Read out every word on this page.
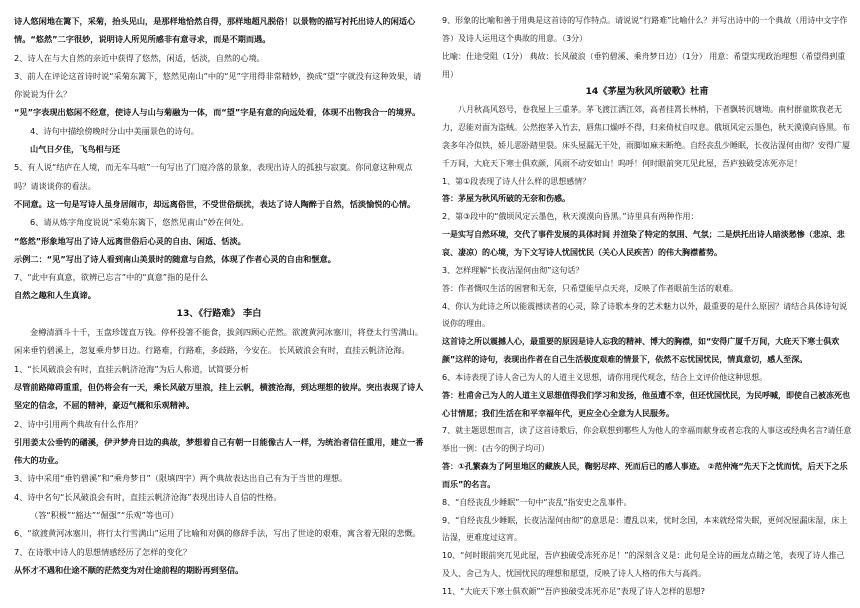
诗人悠闲地在篱下，采菊，抬头见山，是那样地恰然自得，那样地超凡脱俗！以景物的描写衬托出诗人的闲适心情。“悠然”二字很妙，说明诗人所见所感非有意寻求，而是不期而遇。

2、诗人在与大自然的亲近中获得了悠然，闲适，恬淡，自然的心境。

3、前人在评论这首诗时说“采菊东篱下，悠然见南山”中的“见”字用得非常精妙，换成“望”字就没有这种效果，请你说说为什么？

“见”字表现出悠闲不经意，使诗人与山与菊融为一体，而“望”字是有意的向远处看，体现不出物我合一的境界。

4、诗句中描绘傍晚时分山中美丽景色的诗句。

山气日夕佳，飞鸟相与还

5、有人说“结庐在人境，而无车马喧”一句写出了门庭冷落的景象，表现出诗人的孤独与寂寞。你同意这种观点吗？请谈谈你的看法。

不同意。这一句是写诗人虽身居闹市，却远离俗世，不受世俗烦扰，表达了诗人陶醉于自然，恬淡愉悦的心情。

6、请从炼字角度说说“采菊东篱下，悠然见南山”妙在何处。

“悠然”形象地写出了诗人远离世俗后心灵的自由、闲适、恬淡。

示例二：“见”写出了诗人看到南山美景时的随意与自然，体现了作者心灵的自由和惬意。

7、“此中有真意，欲辨已忘言”中的“真意”指的是什么

自然之趣和人生真谛。

13、《行路难》 李白

金樽清酒斗十千，玉盘珍馐直万钱。停杯投箸不能食，拔剑四顾心茫然。欲渡黄河冰塞川，将登太行雪满山。闲来垂钓碧溪上，忽复乘舟梦日边。行路难，行路难，多歧路，今安在。 长风破浪会有时，直挂云帆济沧海。

1、“长风破浪会有时，直挂云帆济沧海”为后人称道，试简要分析

尽管前路障碍重重，但仍将会有一天，乘长风破万里浪，挂上云帆，横渡沧海，到达理想的彼岸。突出表现了诗人坚定的信念，不屈的精神，豪迈气概和乐观精神。

2、诗中引用两个典故有什么作用？

引用姜太公垂钓的磻溪，伊尹梦舟日边的典故，梦想着自己有朝一日能像古人一样，为统治者信任重用，建立一番伟大的功业。

3、诗中采用“垂钓碧溪”和“乘舟梦日”（限填四字）两个典故表达出自己有为于当世的理想。

4、诗中名句“长风破浪会有时，直挂云帆济沧海”表现出诗人自信的性格。

（答“积极”“豁达”“倔强”“乐观”等也可）

6、“欲渡黄河冰塞川，将行太行雪满山”运用了比喻和对偶的修辞手法，写出了世途的艰难，寓含着无限的悲慨。

7、在诗歌中诗人的思想情感经历了怎样的变化？

从怀才不遇和仕途不顺的茫然变为对仕途前程的期盼再到坚信。

9、形象的比喻和善于用典是这首诗的写作特点。请说说“行路难”比喻什么？并写出诗中的一个典故（用诗中文字作答）及诗人运用这个典故的用意。（3分）

比喻：仕途受阻（1分） 典故：长风破浪（垂钓碧溪、乘舟梦日边）（1分） 用意：希望实现政治理想（希望得到重用）

14《茅屋为秋风所破歌》杜甫

八月秋高风怒号，卷我屋上三重茅。茅飞渡江洒江郊，高者挂罥长林梢，下者飘转沉塘坳。南村群童欺我老无力，忍能对面为盗贼。公然抱茅入竹去，唇焦口燥呼不得，归来倚杖自叹息。俄顷风定云墨色，秋天漠漠向昏黑。布衾多年冷似铁，娇儿恶卧踏里裂。床头屋漏无干处，雨脚如麻未断绝。自经丧乱少睡眠，长夜沾湿何由彻？安得广厦千万间，大庇天下寒士俱欢颜，风雨不动安如山！呜呼！何时眼前突兀见此屋，吾庐独破受冻死亦足！

1、第①段表现了诗人什么样的思想感情？

答：茅屋为秋风所破的无奈和伤感。

2、第③段中的“俄顷风定云墨色，秋天漠漠向昏黑。”诗里具有两种作用：

一是实写自然环境，交代了事件发展的具体时间 并渲染了特定的氛围、气氛；二是烘托出诗人暗淡愁惨（悲凉、悲哀、凄凉）的心境，为下文写诗人忧国忧民（关心人民疾苦）的伟大胸襟蓄势。

3、怎样理解“长夜沾湿何由彻”这句话？

答：作者慨叹生活的困窘和无奈，只希望能早点天亮，反映了作者眼前生活的艰难。

4、你认为此诗之所以能震撼读者的心灵，除了诗歌本身的艺术魅力以外，最重要的是什么原因？请结合具体诗句说说你的理由。

这首诗之所以震撼人心，最重要的原因是诗人忘我的精神、博大的胸襟，如“安得广厦千万间，大庇天下寒士俱欢颜”这样的诗句，表现出作者在自己生活极度艰难的情景下，依然不忘忧国忧民，情真意切，感人至深。

6、本诗表现了诗人舍己为人的人道主义思想，请你用现代观念，结合上文评价他这种思想。

答：杜甫舍己为人的人道主义思想值得我们学习和发扬，他虽遭不幸，但还忧国忧民，为民呼喊，即使自己被冻死也心甘情愿；我们生活在和平幸福年代，更应全心全意为人民服务。

7、就主题思想而言，读了这首诗歌后，你会联想到哪些人为他人的幸福而献身或者忘我的人事这或经典名言?请任意举出一例：(古今的例子均可）

答：①孔繁森为了阿里地区的藏族人民，鞠躬尽瘁、死而后已的感人事迹。 ②范仲淹“先天下之忧而忧，后天下之乐而乐”的名言。

8、“自经丧乱少睡眠”一句中“丧乱”指安史之乱事件。

9、“自经丧乱少睡眠，长夜沾湿何由彻”的意思是：遭乱以来，忧时念国，本来就经常失眠，更何况屋漏床湿，床上沾湿，更难度过这宵。

10、“何时眼前突兀见此屋，吾庐独破受冻死亦足！”的深刻含义是：此句是全诗的画龙点睛之笔，表现了诗人推己及人、舍己为人、忧国忧民的理想和愿望，反映了诗人人格的伟大与高尚。

11、“大庇天下寒士俱欢颜”“吾庐独破受冻死亦足”表现了诗人怎样的思想?
